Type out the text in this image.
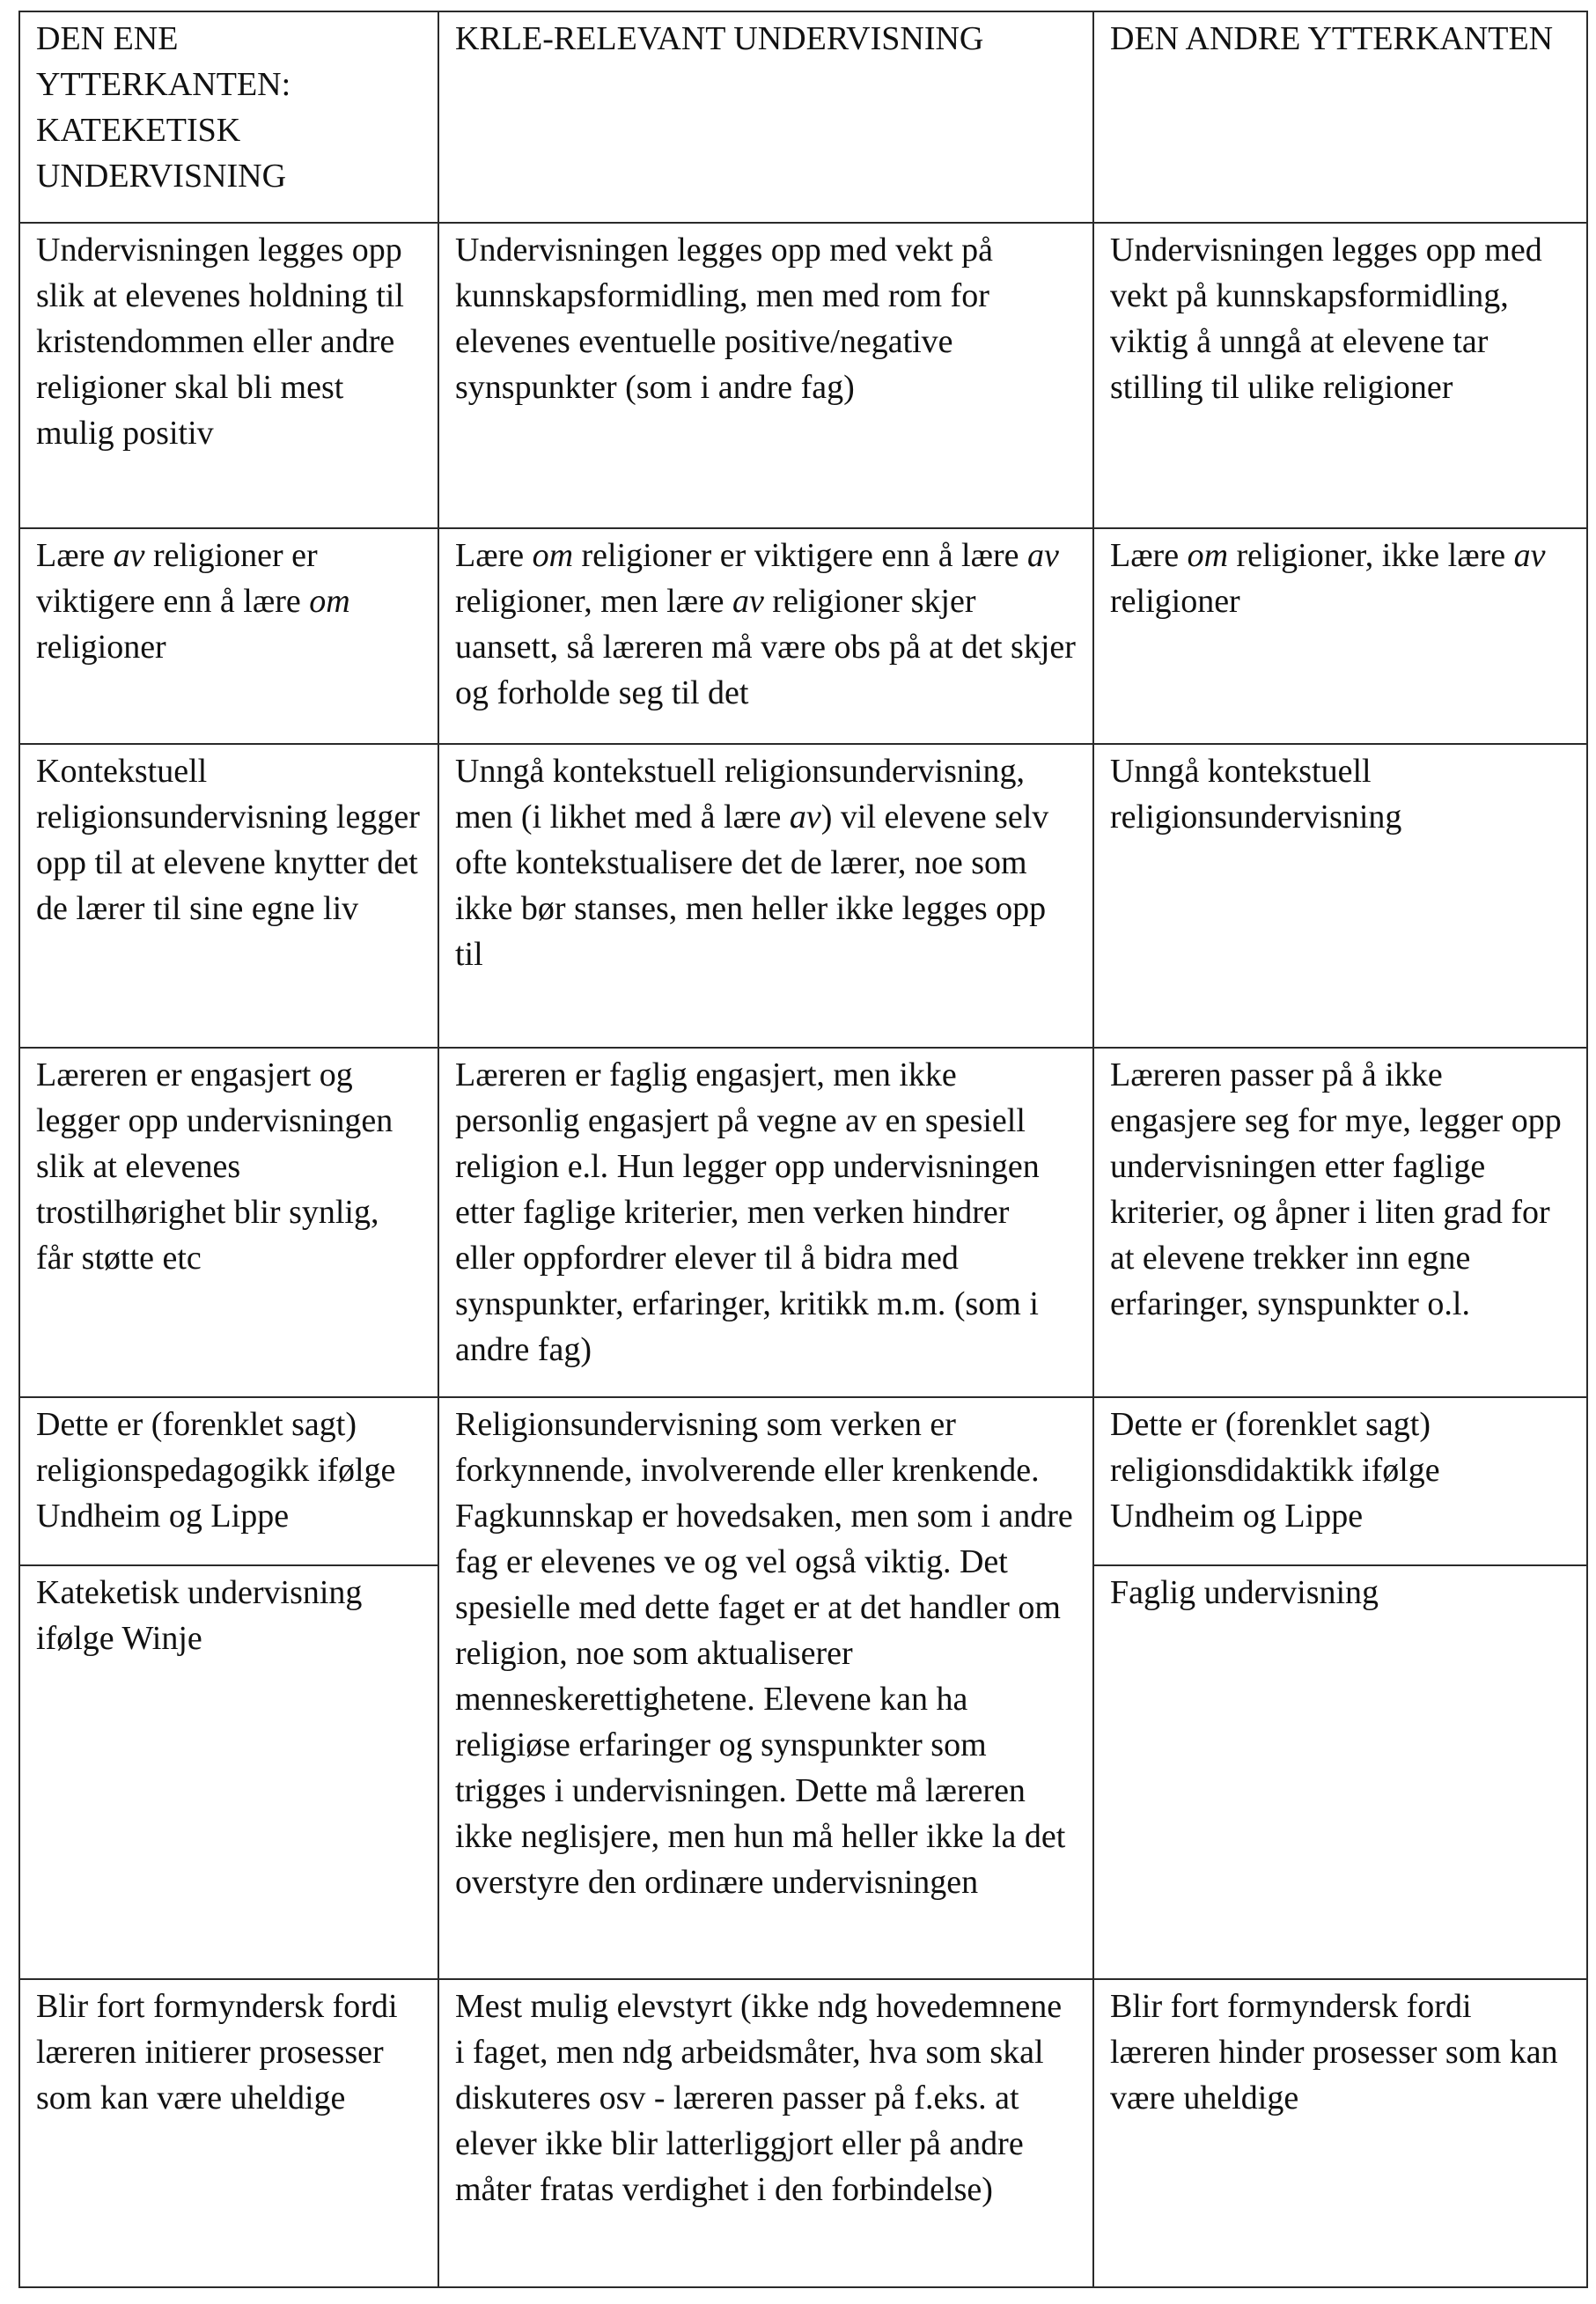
DEN ENE YTTERKANTEN: KATEKETISK UNDERVISNING	KRLE-RELEVANT UNDERVISNING	DEN ANDRE YTTERKANTEN

Undervisningen legges opp slik at elevenes holdning til kristendommen eller andre religioner skal bli mest mulig positiv	Undervisningen legges opp med vekt på kunnskapsformidling, men med rom for elevenes eventuelle positive/negative synspunkter (som i andre fag)	Undervisningen legges opp med vekt på kunnskapsformidling, viktig å unngå at elevene tar stilling til ulike religioner

Lære av religioner er viktigere enn å lære om religioner	Lære om religioner er viktigere enn å lære av religioner, men lære av religioner skjer uansett, så læreren må være obs på at det skjer og forholde seg til det	Lære om religioner, ikke lære av religioner

Kontekstuell religionsundervisning legger opp til at elevene knytter det de lærer til sine egne liv	Unngå kontekstuell religionsundervisning, men (i likhet med å lære av) vil elevene selv ofte kontekstualisere det de lærer, noe som ikke bør stanses, men heller ikke legges opp til	Unngå kontekstuell religionsundervisning

Læreren er engasjert og legger opp undervisningen slik at elevenes trostilhørighet blir synlig, får støtte etc	Læreren er faglig engasjert, men ikke personlig engasjert på vegne av en spesiell religion e.l. Hun legger opp undervisningen etter faglige kriterier, men verken hindrer eller oppfordrer elever til å bidra med synspunkter, erfaringer, kritikk m.m. (som i andre fag)	Læreren passer på å ikke engasjere seg for mye, legger opp undervisningen etter faglige kriterier, og åpner i liten grad for at elevene trekker inn egne erfaringer, synspunkter o.l.

Dette er (forenklet sagt) religionspedagogikk ifølge Undheim og Lippe	Religionsundervisning som verken er forkynnende, involverende eller krenkende. Fagkunnskap er hovedsaken, men som i andre fag er elevenes ve og vel også viktig. Det spesielle med dette faget er at det handler om religion, noe som aktualiserer menneskerettighetene. Elevene kan ha religiøse erfaringer og synspunkter som trigges i undervisningen. Dette må læreren ikke neglisjere, men hun må heller ikke la det overstyre den ordinære undervisningen	Dette er (forenklet sagt) religionsdidaktikk ifølge Undheim og Lippe

Kateketisk undervisning ifølge Winje		Faglig undervisning

Blir fort formyndersk fordi læreren initierer prosesser som kan være uheldige	Mest mulig elevstyrt (ikke ndg hovedemnene i faget, men ndg arbeidsmåter, hva som skal diskuteres osv - læreren passer på f.eks. at elever ikke blir latterliggjort eller på andre måter fratas verdighet i den forbindelse)	Blir fort formyndersk fordi læreren hinder prosesser som kan være uheldige
